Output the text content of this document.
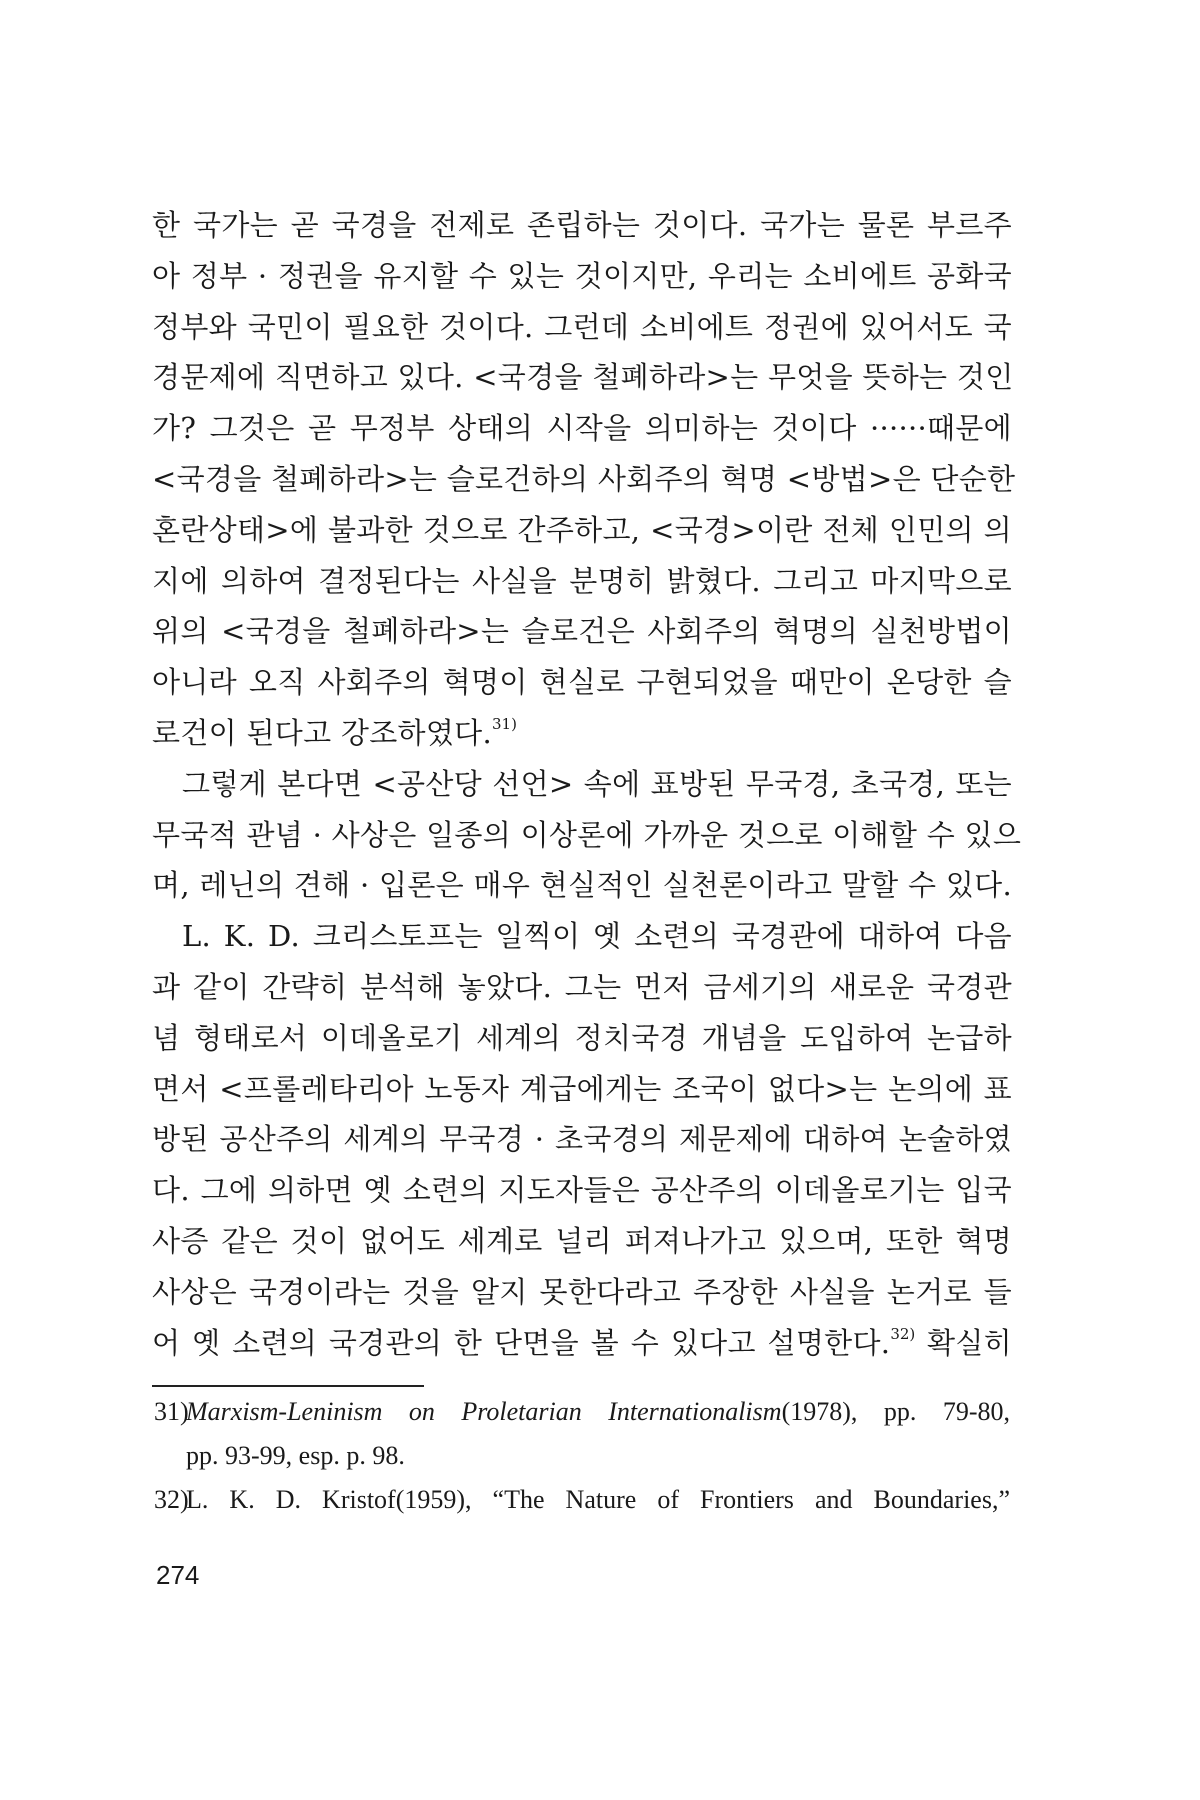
한 국가는 곧 국경을 전제로 존립하는 것이다. 국가는 물론 부르주
아 정부 · 정권을 유지할 수 있는 것이지만, 우리는 소비에트 공화국
정부와 국민이 필요한 것이다. 그런데 소비에트 정권에 있어서도 국
경문제에 직면하고 있다. <국경을 철폐하라>는 무엇을 뜻하는 것인
가? 그것은 곧 무정부 상태의 시작을 의미하는 것이다 ······때문에
<국경을 철폐하라>는 슬로건하의 사회주의 혁명 <방법>은 단순한
혼란상태>에 불과한 것으로 간주하고, <국경>이란 전체 인민의 의
지에 의하여 결정된다는 사실을 분명히 밝혔다. 그리고 마지막으로
위의 <국경을 철폐하라>는 슬로건은 사회주의 혁명의 실천방법이
아니라 오직 사회주의 혁명이 현실로 구현되었을 때만이 온당한 슬
로건이 된다고 강조하였다.$^{31)}$
그렇게 본다면 <공산당 선언> 속에 표방된 무국경, 초국경, 또는
무국적 관념 · 사상은 일종의 이상론에 가까운 것으로 이해할 수 있으
며, 레닌의 견해 · 입론은 매우 현실적인 실천론이라고 말할 수 있다.
L. K. D. 크리스토프는 일찍이 옛 소련의 국경관에 대하여 다음
과 같이 간략히 분석해 놓았다. 그는 먼저 금세기의 새로운 국경관
념 형태로서 이데올로기 세계의 정치국경 개념을 도입하여 논급하
면서 <프롤레타리아 노동자 계급에게는 조국이 없다>는 논의에 표
방된 공산주의 세계의 무국경 · 초국경의 제문제에 대하여 논술하였
다. 그에 의하면 옛 소련의 지도자들은 공산주의 이데올로기는 입국
사증 같은 것이 없어도 세계로 널리 퍼져나가고 있으며, 또한 혁명
사상은 국경이라는 것을 알지 못한다라고 주장한 사실을 논거로 들
어 옛 소련의 국경관의 한 단면을 볼 수 있다고 설명한다.$^{32)}$ 확실히
31)Marxism-Leninism on Proletarian Internationalism(1978), pp. 79-80,
pp. 93-99, esp. p. 98.
32)L. K. D. Kristof(1959), “The Nature of Frontiers and Boundaries,”
274
